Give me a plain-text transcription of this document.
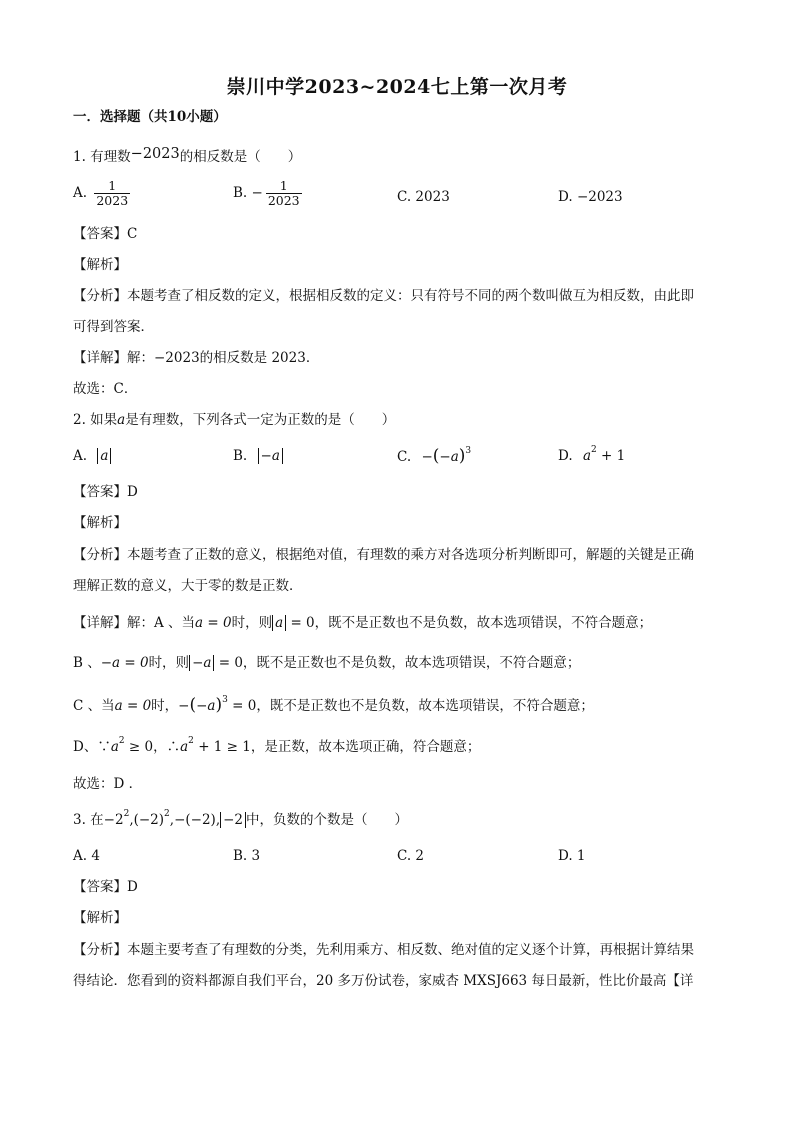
崇川中学2023~2024七上第一次月考
一．选择题（共10小题）
1. 有理数−2023的相反数是（　　）
A. $\frac{1}{2023}$	B. − $\frac{1}{2023}$	C. 2023	D. −2023
【答案】C
【解析】
【分析】本题考查了相反数的定义，根据相反数的定义：只有符号不同的两个数叫做互为相反数，由此即
可得到答案．
【详解】解：−2023的相反数是 2023．
故选：C．
2. 如果a是有理数，下列各式一定为正数的是（　　）
A. a	B. −a	C. $-(-a)^3$	D. $a^2 + 1$
【答案】D
【解析】
【分析】本题考查了正数的意义，根据绝对值，有理数的乘方对各选项分析判断即可，解题的关键是正确
理解正数的意义，大于零的数是正数．
【详解】解：A 、当a = 0时，则 a = 0，既不是正数也不是负数，故本选项错误，不符合题意；
B 、−a = 0时，则 −a = 0，既不是正数也不是负数，故本选项错误，不符合题意；
C 、当a = 0时，$-(-a)^3 = 0$，既不是正数也不是负数，故本选项错误，不符合题意；
D、$\because a^2 \ge 0$，$\therefore a^2 + 1 \ge 1$，是正数，故本选项正确，符合题意；
故选：D ．
3. 在$-2^2,(-2)^2,-(-2)$, −2 中，负数的个数是（　　）
A. 4	B. 3	C. 2	D. 1
【答案】D
【解析】
【分析】本题主要考查了有理数的分类，先利用乘方、相反数、绝对值的定义逐个计算，再根据计算结果
得结论．您看到的资料都源自我们平台，20 多万份试卷，家威杏 MXSJ663 每日最新，性比价最高【详
